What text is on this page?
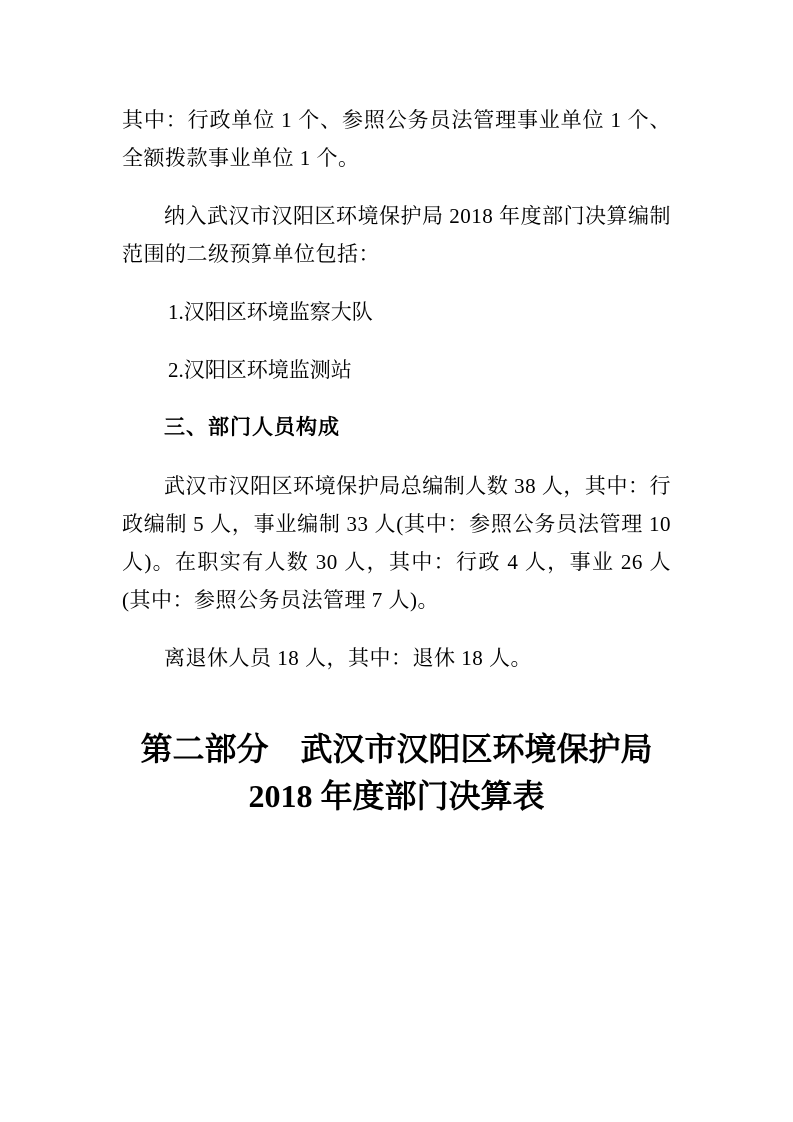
其中：行政单位 1 个、参照公务员法管理事业单位 1 个、全额拨款事业单位 1 个。

纳入武汉市汉阳区环境保护局 2018 年度部门决算编制范围的二级预算单位包括：

1.汉阳区环境监察大队

2.汉阳区环境监测站

三、部门人员构成

武汉市汉阳区环境保护局总编制人数 38 人，其中：行政编制 5 人，事业编制 33 人(其中：参照公务员法管理 10 人)。在职实有人数 30 人，其中：行政 4 人，事业 26 人(其中：参照公务员法管理 7 人)。

离退休人员 18 人，其中：退休 18 人。

第二部分　武汉市汉阳区环境保护局
2018 年度部门决算表
